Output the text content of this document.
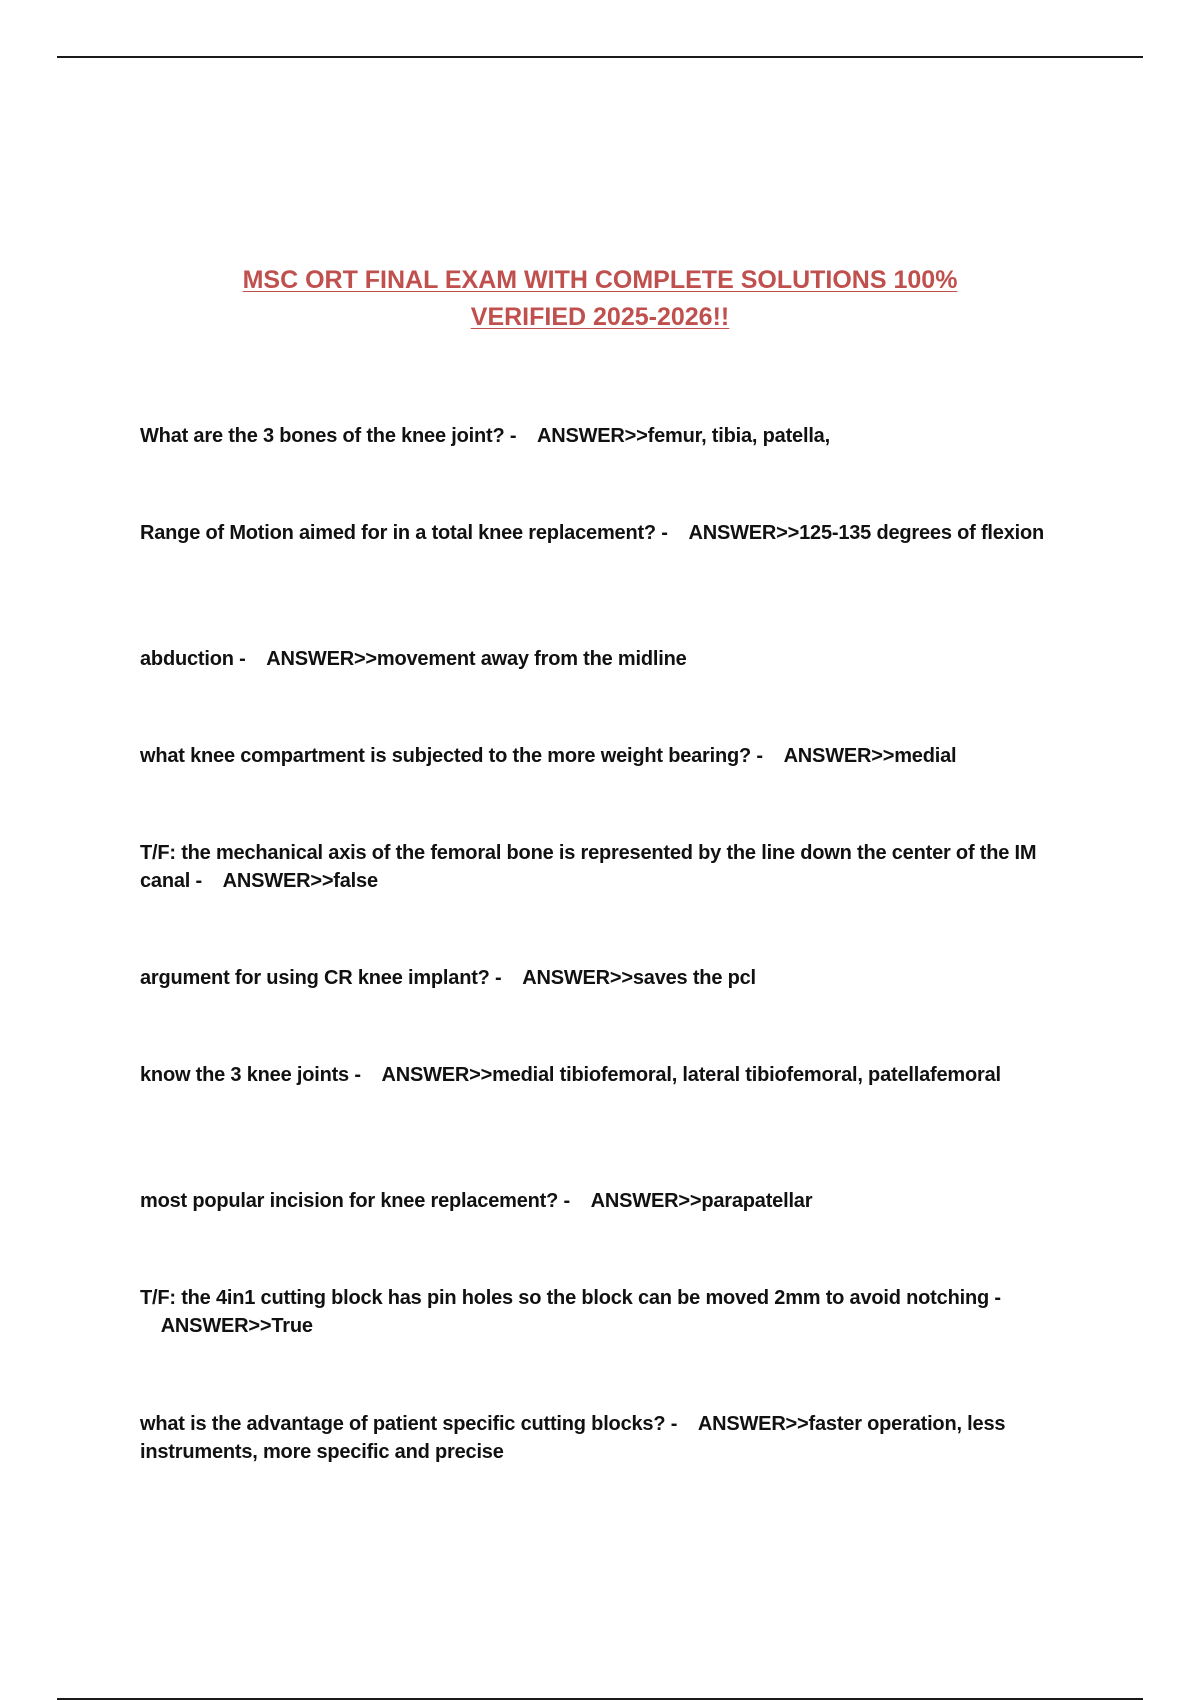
MSC ORT FINAL EXAM WITH COMPLETE SOLUTIONS 100%
VERIFIED 2025-2026!!

What are the 3 bones of the knee joint? - ANSWER>>femur, tibia, patella,

Range of Motion aimed for in a total knee replacement? - ANSWER>>125-135 degrees of flexion

abduction - ANSWER>>movement away from the midline

what knee compartment is subjected to the more weight bearing? - ANSWER>>medial

T/F: the mechanical axis of the femoral bone is represented by the line down the center of the IM canal - ANSWER>>false

argument for using CR knee implant? - ANSWER>>saves the pcl

know the 3 knee joints - ANSWER>>medial tibiofemoral, lateral tibiofemoral, patellafemoral

most popular incision for knee replacement? - ANSWER>>parapatellar

T/F: the 4in1 cutting block has pin holes so the block can be moved 2mm to avoid notching -    ANSWER>>True

what is the advantage of patient specific cutting blocks? - ANSWER>>faster operation, less instruments, more specific and precise
